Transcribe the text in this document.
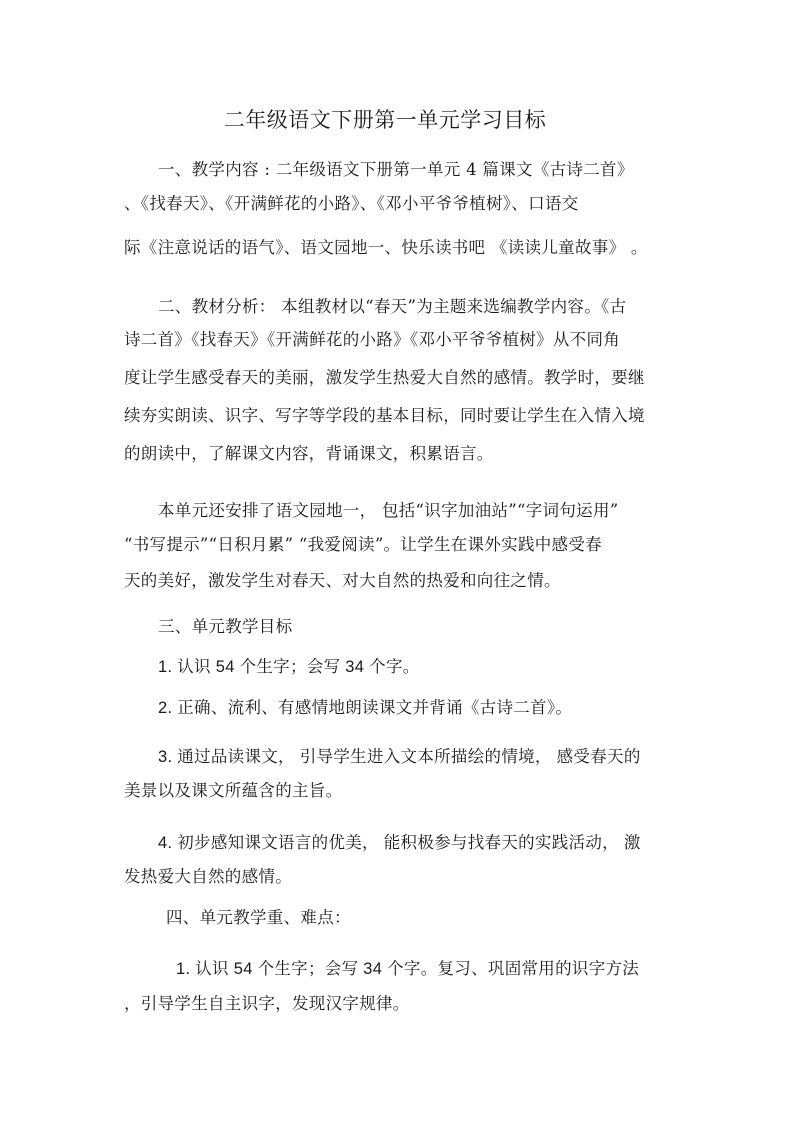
二年级语文下册第一单元学习目标
一、教学内容 : 二年级语文下册第一单元 4 篇课文《古诗二首》
、《找春天》、《开满鲜花的小路》、《邓小平爷爷植树》、口语交
际《注意说话的语气》、语文园地一、快乐读书吧 《读读儿童故事》 。
二、教材分析： 本组教材以“春天”为主题来选编教学内容。《古
诗二首》《找春天》《开满鲜花的小路》《邓小平爷爷植树》从不同角
度让学生感受春天的美丽，激发学生热爱大自然的感情。教学时，要继
续夯实朗读、识字、写字等学段的基本目标，同时要让学生在入情入境
的朗读中，了解课文内容，背诵课文，积累语言。
本单元还安排了语文园地一， 包括“识字加油站”“字词句运用”
“书写提示”“日积月累” “我爱阅读”。让学生在课外实践中感受春
天的美好，激发学生对春天、对大自然的热爱和向往之情。
三、单元教学目标
1. 认识 54 个生字；会写 34 个字。
2. 正确、流利、有感情地朗读课文并背诵《古诗二首》。
3. 通过品读课文， 引导学生进入文本所描绘的情境， 感受春天的
美景以及课文所蕴含的主旨。
4. 初步感知课文语言的优美， 能积极参与找春天的实践活动， 激
发热爱大自然的感情。
四、单元教学重、难点：
1. 认识 54 个生字；会写 34 个字。复习、巩固常用的识字方法
，引导学生自主识字，发现汉字规律。
